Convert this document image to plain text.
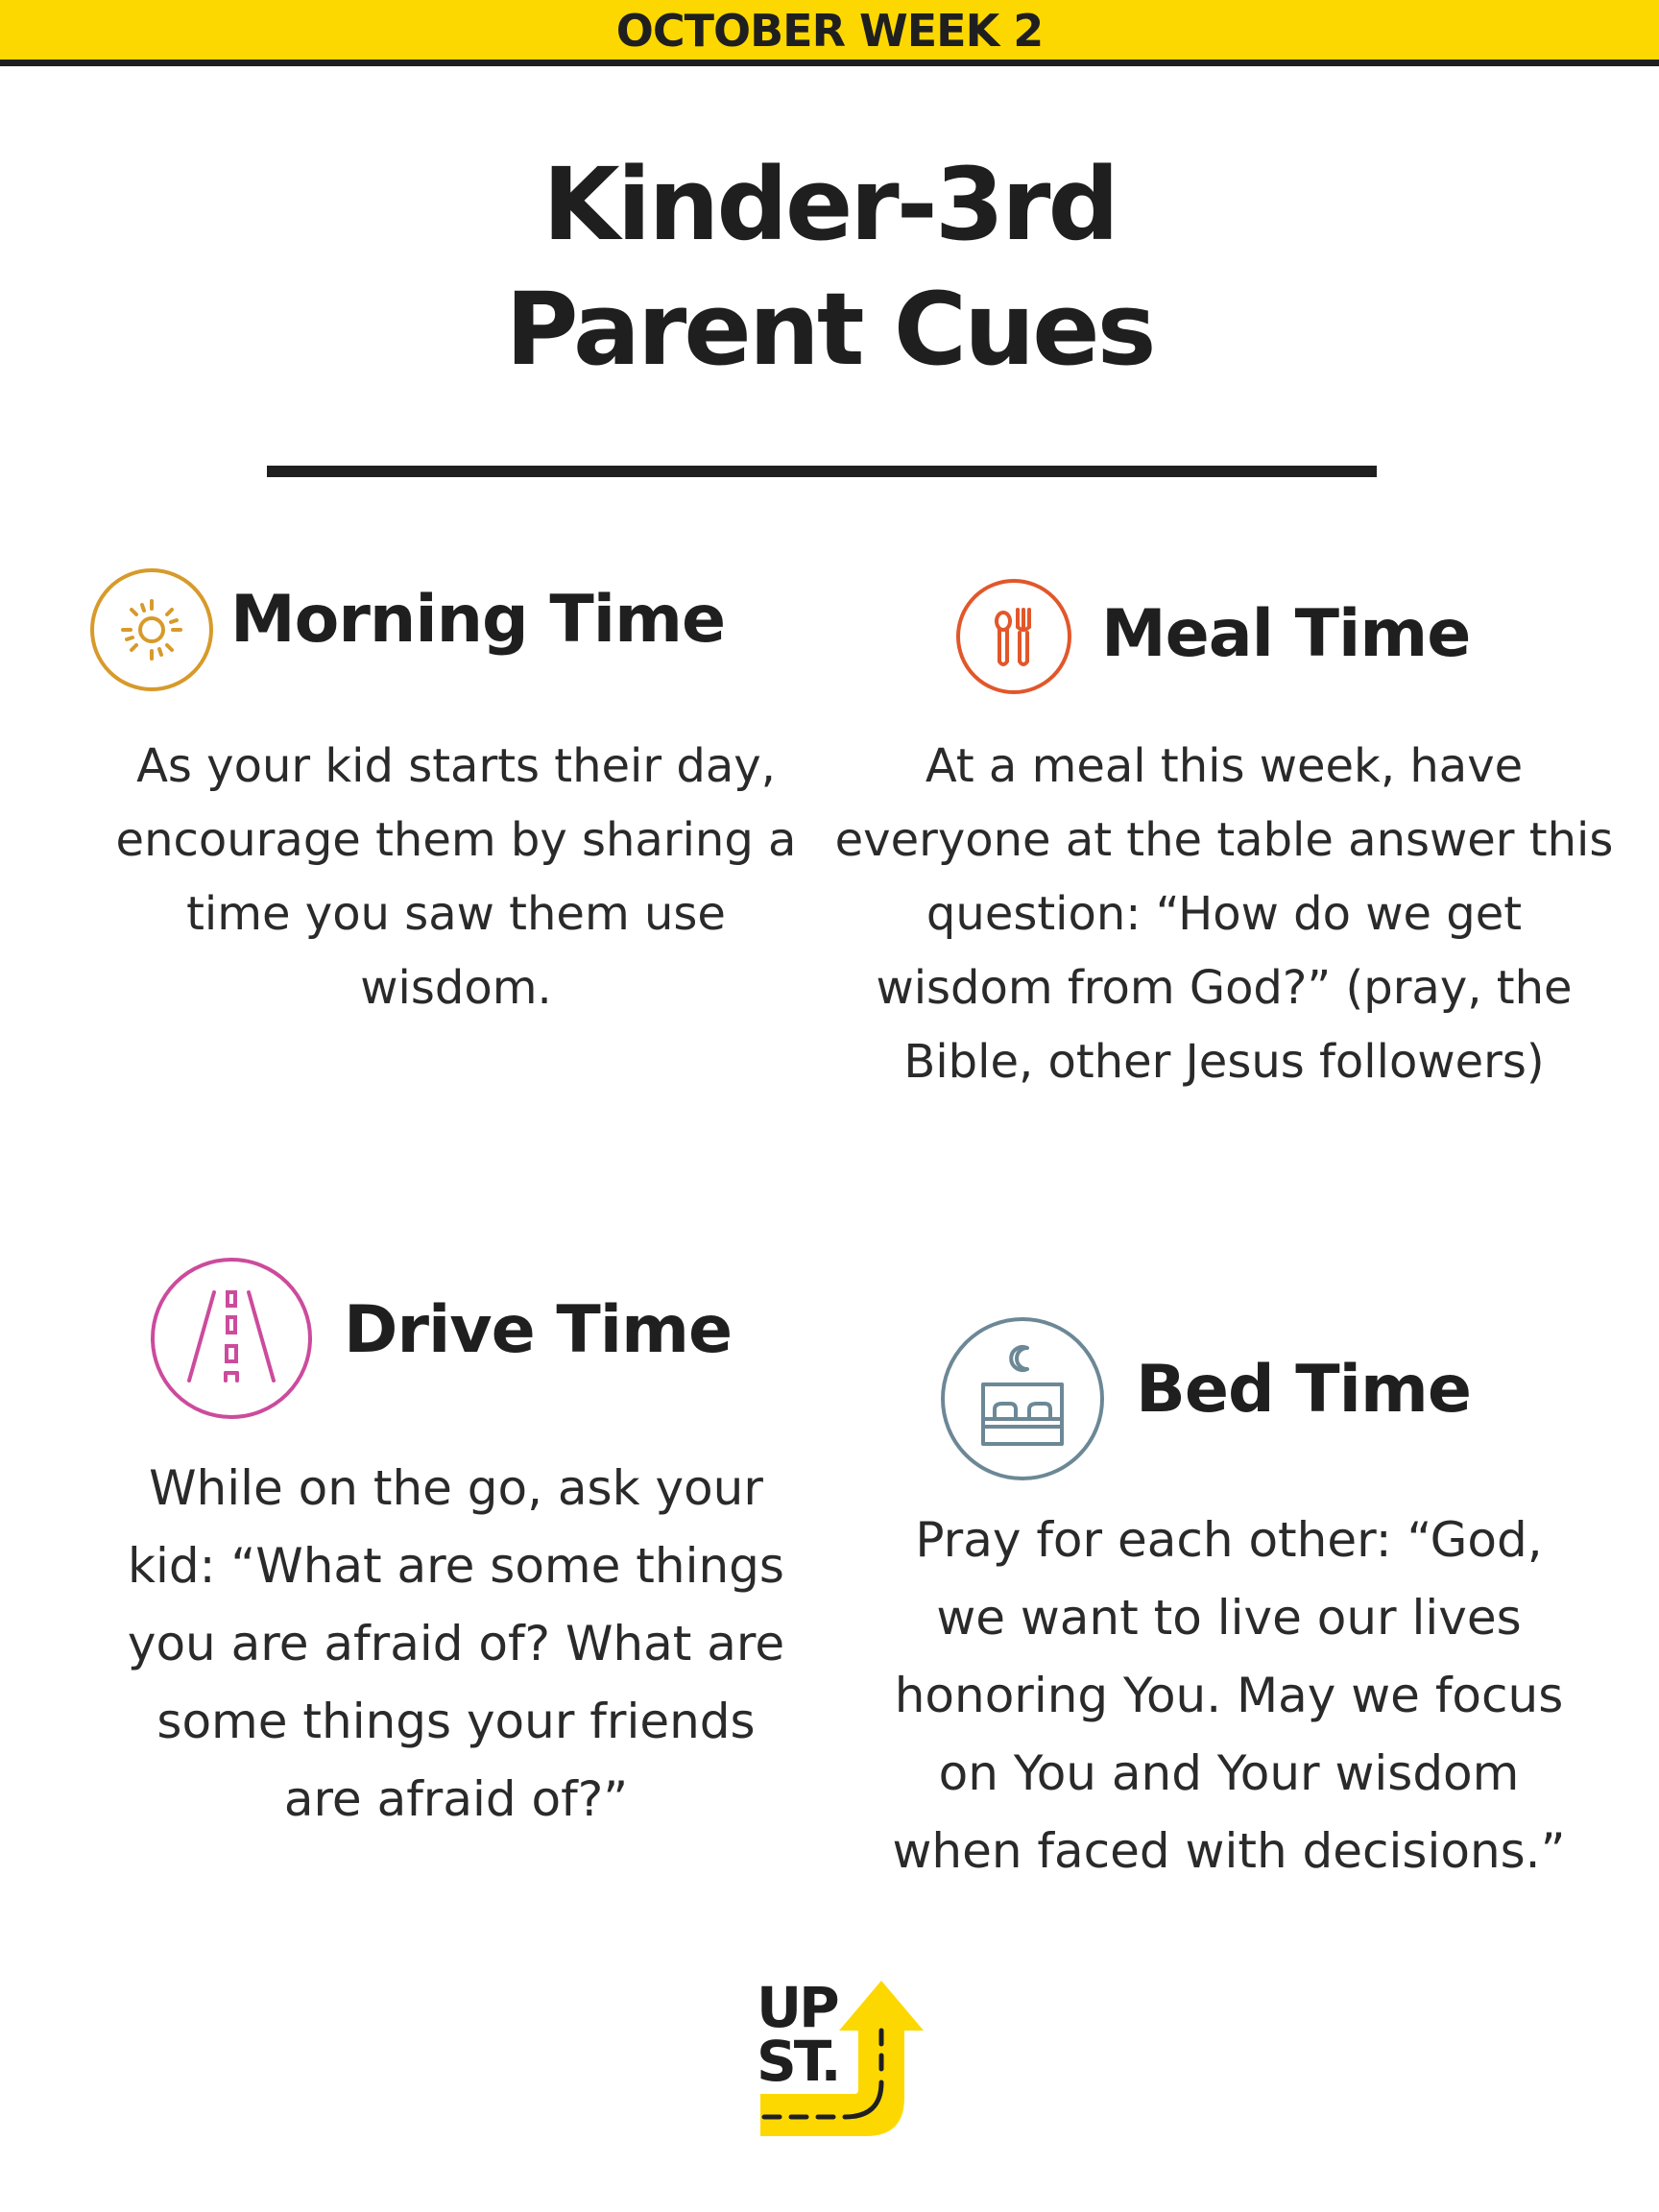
OCTOBER WEEK 2
Kinder-3rd
Parent Cues
Morning Time
As your kid starts their day,
encourage them by sharing a
time you saw them use
wisdom.
Meal Time
At a meal this week, have
everyone at the table answer this
question: “How do we get
wisdom from God?” (pray, the
Bible, other Jesus followers)
Drive Time
While on the go, ask your
kid: “What are some things
you are afraid of? What are
some things your friends
are afraid of?”
Bed Time
Pray for each other: “God,
we want to live our lives
honoring You. May we focus
on You and Your wisdom
when faced with decisions.”
UP
ST.
